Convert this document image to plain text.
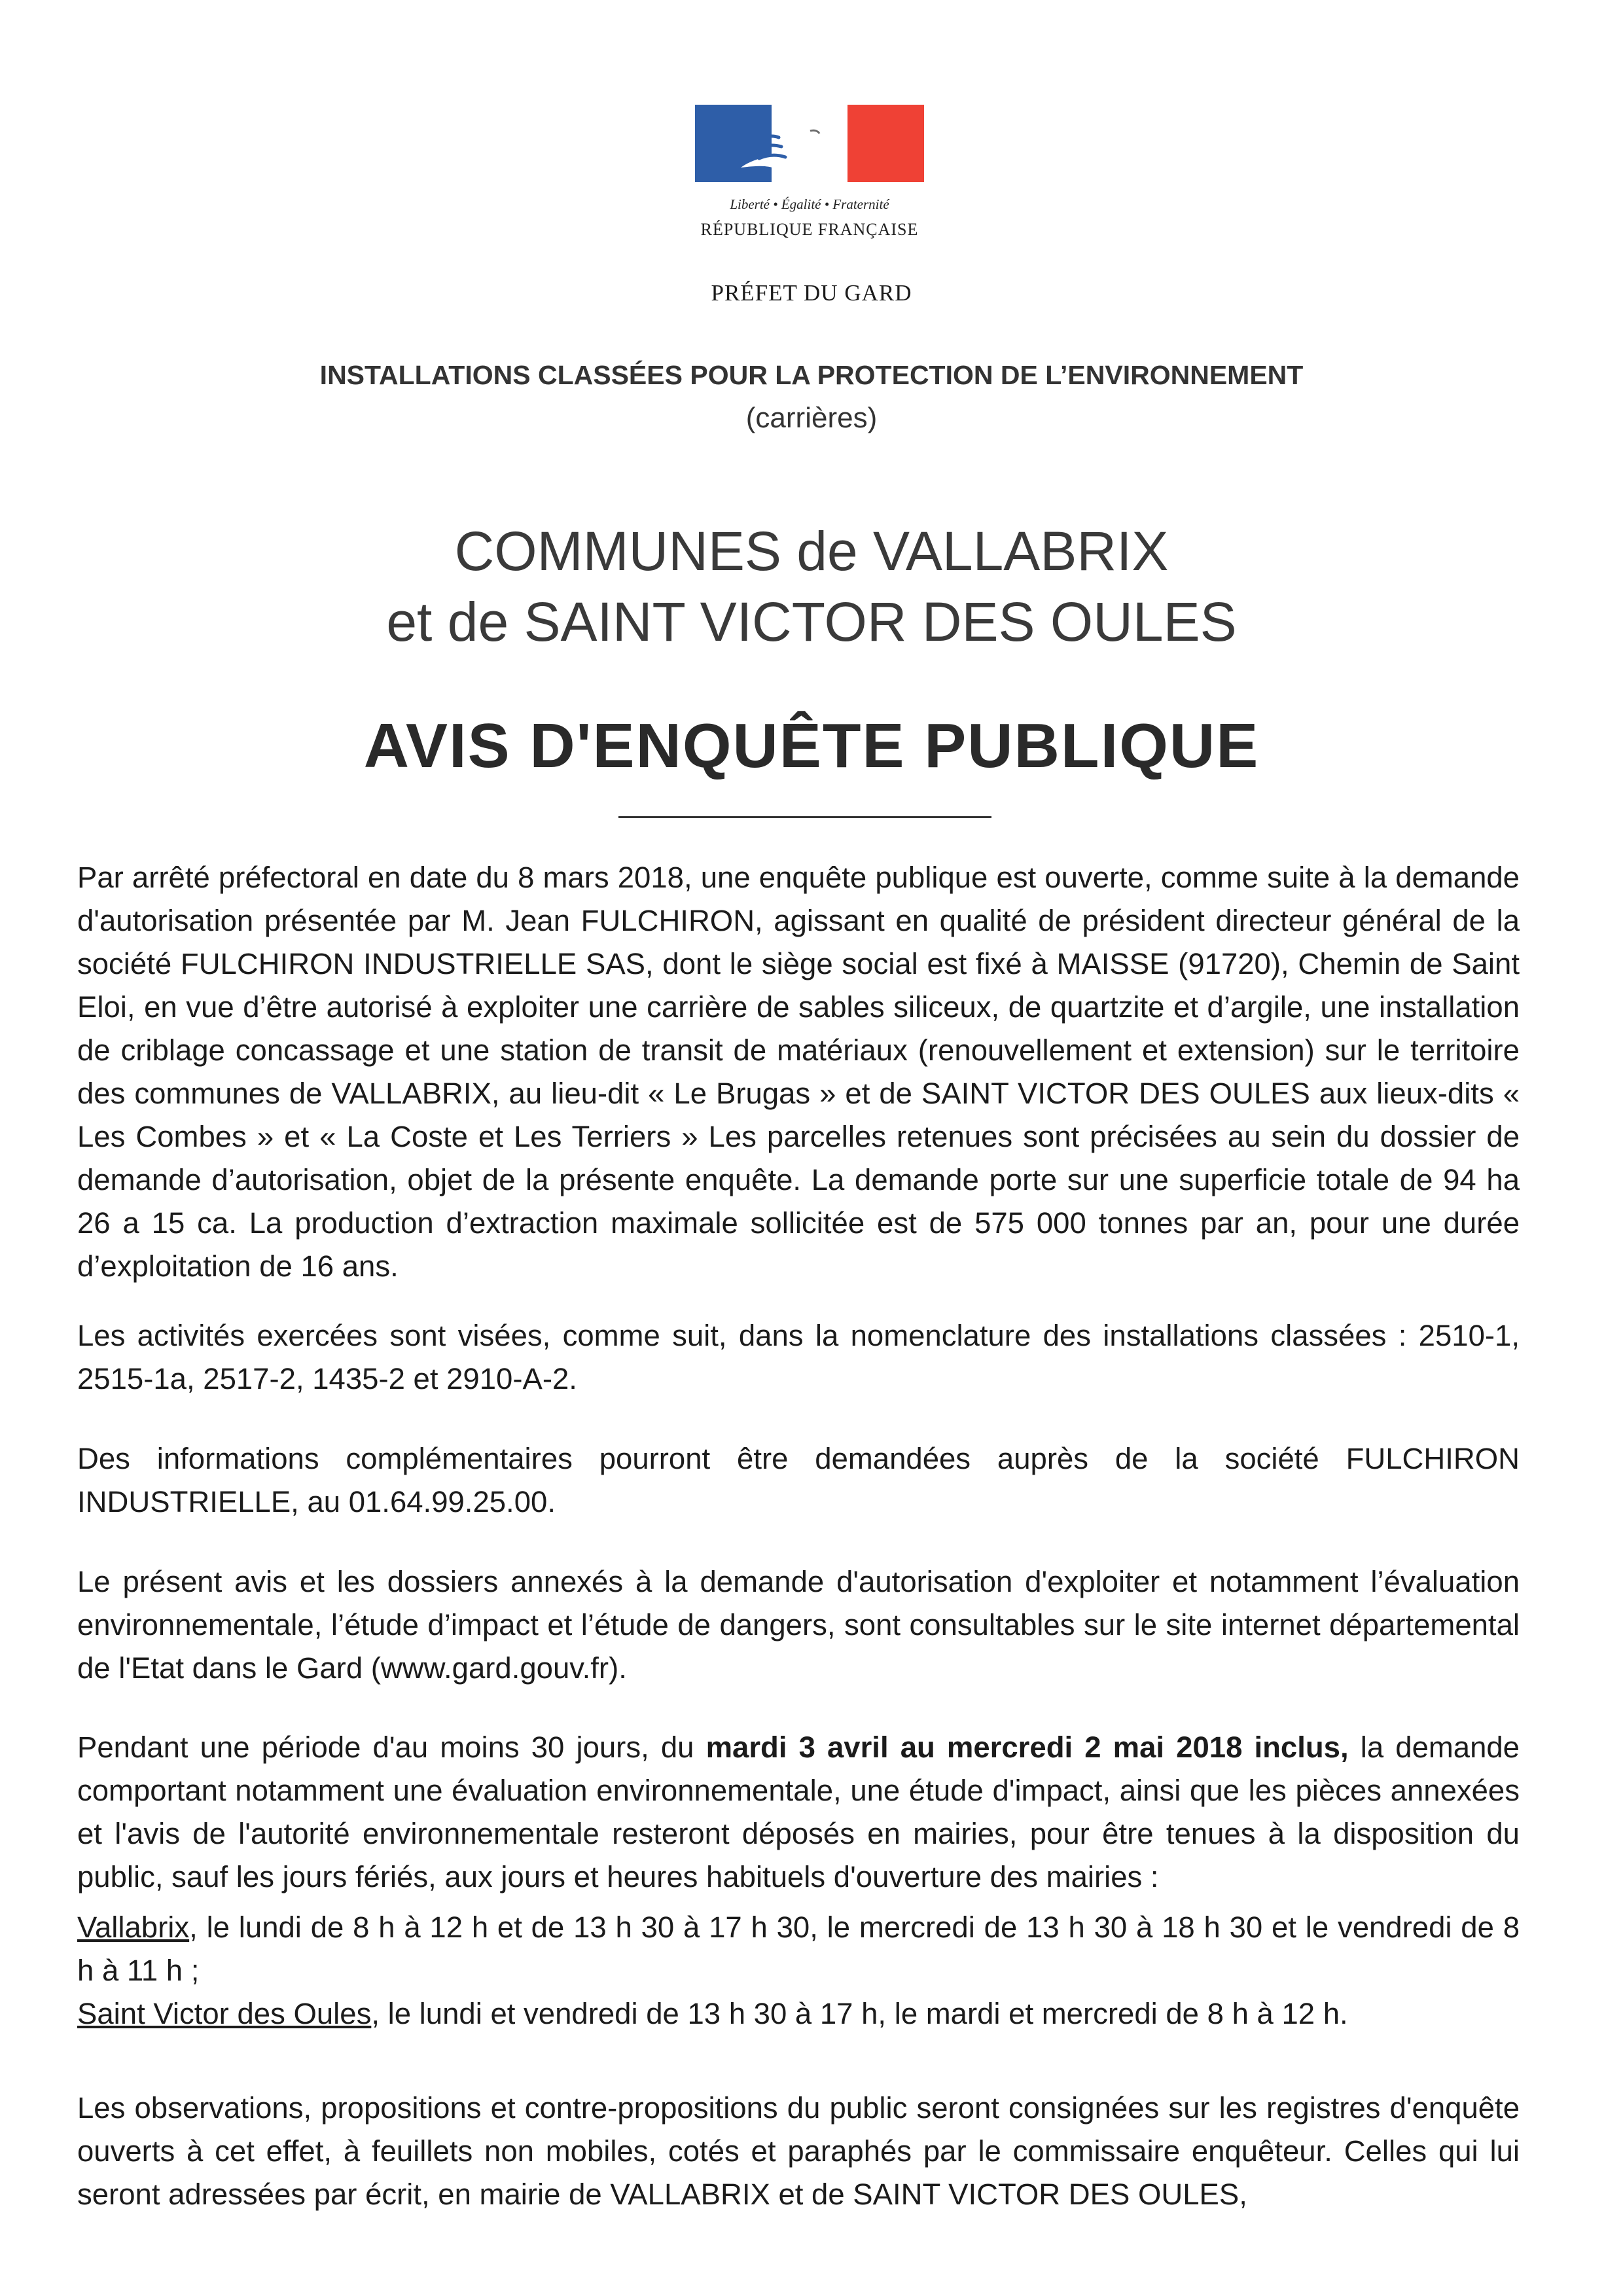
Liberté • Égalité • Fraternité
RÉPUBLIQUE FRANÇAISE
PRÉFET DU GARD
INSTALLATIONS CLASSÉES POUR LA PROTECTION DE L’ENVIRONNEMENT
(carrières)
COMMUNES de VALLABRIX
et de SAINT VICTOR DES OULES
AVIS D'ENQUÊTE PUBLIQUE

Par arrêté préfectoral en date du 8 mars 2018, une enquête publique est ouverte, comme suite à la demande d'autorisation présentée par M. Jean FULCHIRON, agissant en qualité de président directeur général de la société FULCHIRON INDUSTRIELLE SAS, dont le siège social est fixé à MAISSE (91720), Chemin de Saint Eloi, en vue d’être autorisé à exploiter une carrière de sables siliceux, de quartzite et d’argile, une installation de criblage concassage et une station de transit de matériaux (renouvellement et extension) sur le territoire des communes de VALLABRIX, au lieu-dit « Le Brugas » et de SAINT VICTOR DES OULES aux lieux-dits « Les Combes » et « La Coste et Les Terriers » Les parcelles retenues sont précisées au sein du dossier de demande d’autorisation, objet de la présente enquête. La demande porte sur une superficie totale de 94 ha 26 a 15 ca. La production d’extraction maximale sollicitée est de 575 000 tonnes par an, pour une durée d’exploitation de 16 ans.

Les activités exercées sont visées, comme suit, dans la nomenclature des installations classées : 2510-1, 2515-1a, 2517-2, 1435-2 et 2910-A-2.

Des informations complémentaires pourront être demandées auprès de la société FULCHIRON INDUSTRIELLE, au 01.64.99.25.00.

Le présent avis et les dossiers annexés à la demande d'autorisation d'exploiter et notamment l’évaluation environnementale, l’étude d’impact et l’étude de dangers, sont consultables sur le site internet départemental de l'Etat dans le Gard (www.gard.gouv.fr).

Pendant une période d'au moins 30 jours, du mardi 3 avril au mercredi 2 mai 2018 inclus, la demande comportant notamment une évaluation environnementale, une étude d'impact, ainsi que les pièces annexées et l'avis de l'autorité environnementale resteront déposés en mairies, pour être tenues à la disposition du public, sauf les jours fériés, aux jours et heures habituels d'ouverture des mairies :

Vallabrix, le lundi de 8 h à 12 h et de 13 h 30 à 17 h 30, le mercredi de 13 h 30 à 18 h 30 et le vendredi de 8 h à 11 h ;

Saint Victor des Oules, le lundi et vendredi de 13 h 30 à 17 h, le mardi et mercredi de 8 h à 12 h.

Les observations, propositions et contre-propositions du public seront consignées sur les registres d'enquête ouverts à cet effet, à feuillets non mobiles, cotés et paraphés par le commissaire enquêteur. Celles qui lui seront adressées par écrit, en mairie de VALLABRIX et de SAINT VICTOR DES OULES,
